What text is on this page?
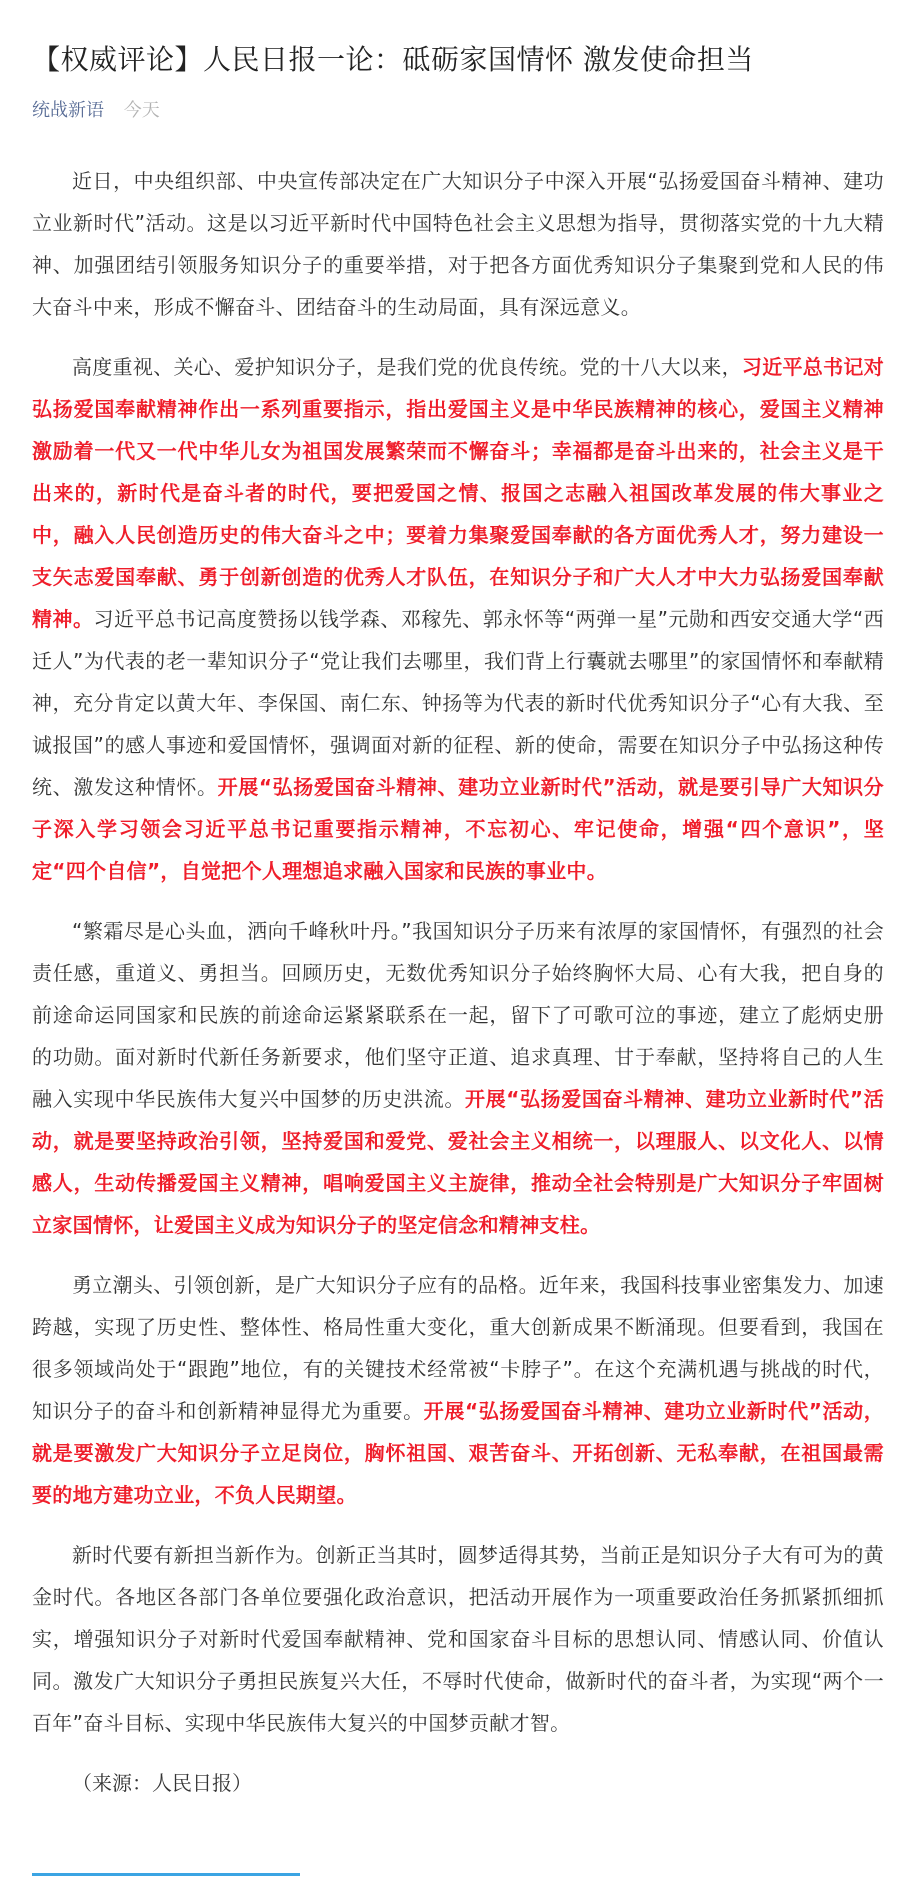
【权威评论】人民日报一论：砥砺家国情怀 激发使命担当
统战新语 今天

近日，中央组织部、中央宣传部决定在广大知识分子中深入开展“弘扬爱国奋斗精神、建功立业新时代”活动。这是以习近平新时代中国特色社会主义思想为指导，贯彻落实党的十九大精神、加强团结引领服务知识分子的重要举措，对于把各方面优秀知识分子集聚到党和人民的伟大奋斗中来，形成不懈奋斗、团结奋斗的生动局面，具有深远意义。

高度重视、关心、爱护知识分子，是我们党的优良传统。党的十八大以来，习近平总书记对弘扬爱国奉献精神作出一系列重要指示，指出爱国主义是中华民族精神的核心，爱国主义精神激励着一代又一代中华儿女为祖国发展繁荣而不懈奋斗；幸福都是奋斗出来的，社会主义是干出来的，新时代是奋斗者的时代，要把爱国之情、报国之志融入祖国改革发展的伟大事业之中，融入人民创造历史的伟大奋斗之中；要着力集聚爱国奉献的各方面优秀人才，努力建设一支矢志爱国奉献、勇于创新创造的优秀人才队伍，在知识分子和广大人才中大力弘扬爱国奉献精神。习近平总书记高度赞扬以钱学森、邓稼先、郭永怀等“两弹一星”元勋和西安交通大学“西迁人”为代表的老一辈知识分子“党让我们去哪里，我们背上行囊就去哪里”的家国情怀和奉献精神，充分肯定以黄大年、李保国、南仁东、钟扬等为代表的新时代优秀知识分子“心有大我、至诚报国”的感人事迹和爱国情怀，强调面对新的征程、新的使命，需要在知识分子中弘扬这种传统、激发这种情怀。开展“弘扬爱国奋斗精神、建功立业新时代”活动，就是要引导广大知识分子深入学习领会习近平总书记重要指示精神，不忘初心、牢记使命，增强“四个意识”，坚定“四个自信”，自觉把个人理想追求融入国家和民族的事业中。

“繁霜尽是心头血，洒向千峰秋叶丹。”我国知识分子历来有浓厚的家国情怀，有强烈的社会责任感，重道义、勇担当。回顾历史，无数优秀知识分子始终胸怀大局、心有大我，把自身的前途命运同国家和民族的前途命运紧紧联系在一起，留下了可歌可泣的事迹，建立了彪炳史册的功勋。面对新时代新任务新要求，他们坚守正道、追求真理、甘于奉献，坚持将自己的人生融入实现中华民族伟大复兴中国梦的历史洪流。开展“弘扬爱国奋斗精神、建功立业新时代”活动，就是要坚持政治引领，坚持爱国和爱党、爱社会主义相统一，以理服人、以文化人、以情感人，生动传播爱国主义精神，唱响爱国主义主旋律，推动全社会特别是广大知识分子牢固树立家国情怀，让爱国主义成为知识分子的坚定信念和精神支柱。

勇立潮头、引领创新，是广大知识分子应有的品格。近年来，我国科技事业密集发力、加速跨越，实现了历史性、整体性、格局性重大变化，重大创新成果不断涌现。但要看到，我国在很多领域尚处于“跟跑”地位，有的关键技术经常被“卡脖子”。在这个充满机遇与挑战的时代，知识分子的奋斗和创新精神显得尤为重要。开展“弘扬爱国奋斗精神、建功立业新时代”活动，就是要激发广大知识分子立足岗位，胸怀祖国、艰苦奋斗、开拓创新、无私奉献，在祖国最需要的地方建功立业，不负人民期望。

新时代要有新担当新作为。创新正当其时，圆梦适得其势，当前正是知识分子大有可为的黄金时代。各地区各部门各单位要强化政治意识，把活动开展作为一项重要政治任务抓紧抓细抓实，增强知识分子对新时代爱国奉献精神、党和国家奋斗目标的思想认同、情感认同、价值认同。激发广大知识分子勇担民族复兴大任，不辱时代使命，做新时代的奋斗者，为实现“两个一百年”奋斗目标、实现中华民族伟大复兴的中国梦贡献才智。

（来源：人民日报）
